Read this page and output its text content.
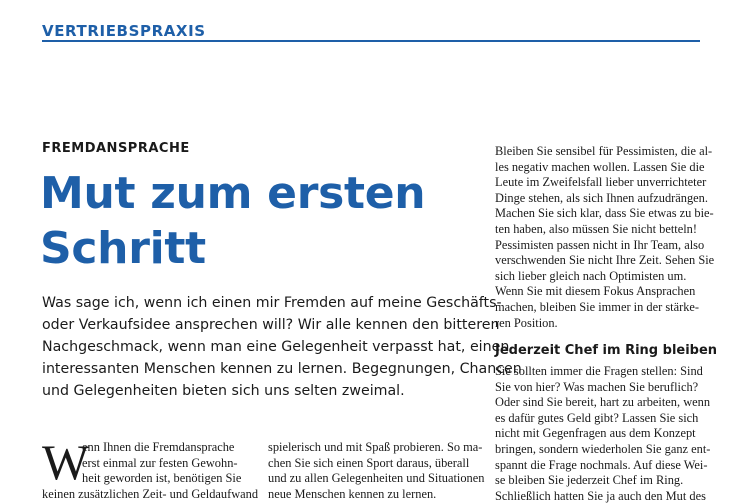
VERTRIEBSPRAXIS
FREMDANSPRACHE
Mut zum ersten
Schritt
Was sage ich, wenn ich einen mir Fremden auf meine Geschäfts-
oder Verkaufsidee ansprechen will? Wir alle kennen den bitteren
Nachgeschmack, wenn man eine Gelegenheit verpasst hat, einen
interessanten Menschen kennen zu lernen. Begegnungen, Chancen
und Gelegenheiten bieten sich uns selten zweimal.
W
enn Ihnen die Fremdansprache
erst einmal zur festen Gewohn-
heit geworden ist, benötigen Sie
keinen zusätzlichen Zeit- und Geldaufwand
spielerisch und mit Spaß probieren. So ma-
chen Sie sich einen Sport daraus, überall
und zu allen Gelegenheiten und Situationen
neue Menschen kennen zu lernen.
Bleiben Sie sensibel für Pessimisten, die al-
les negativ machen wollen. Lassen Sie die
Leute im Zweifelsfall lieber unverrichteter
Dinge stehen, als sich Ihnen aufzudrängen.
Machen Sie sich klar, dass Sie etwas zu bie-
ten haben, also müssen Sie nicht betteln!
Pessimisten passen nicht in Ihr Team, also
verschwenden Sie nicht Ihre Zeit. Sehen Sie
sich lieber gleich nach Optimisten um.
Wenn Sie mit diesem Fokus Ansprachen
machen, bleiben Sie immer in der stärke-
ren Position.
Jederzeit Chef im Ring bleiben
Sie sollten immer die Fragen stellen: Sind
Sie von hier? Was machen Sie beruflich?
Oder sind Sie bereit, hart zu arbeiten, wenn
es dafür gutes Geld gibt? Lassen Sie sich
nicht mit Gegenfragen aus dem Konzept
bringen, sondern wiederholen Sie ganz ent-
spannt die Frage nochmals. Auf diese Wei-
se bleiben Sie jederzeit Chef im Ring.
Schließlich hatten Sie ja auch den Mut des
